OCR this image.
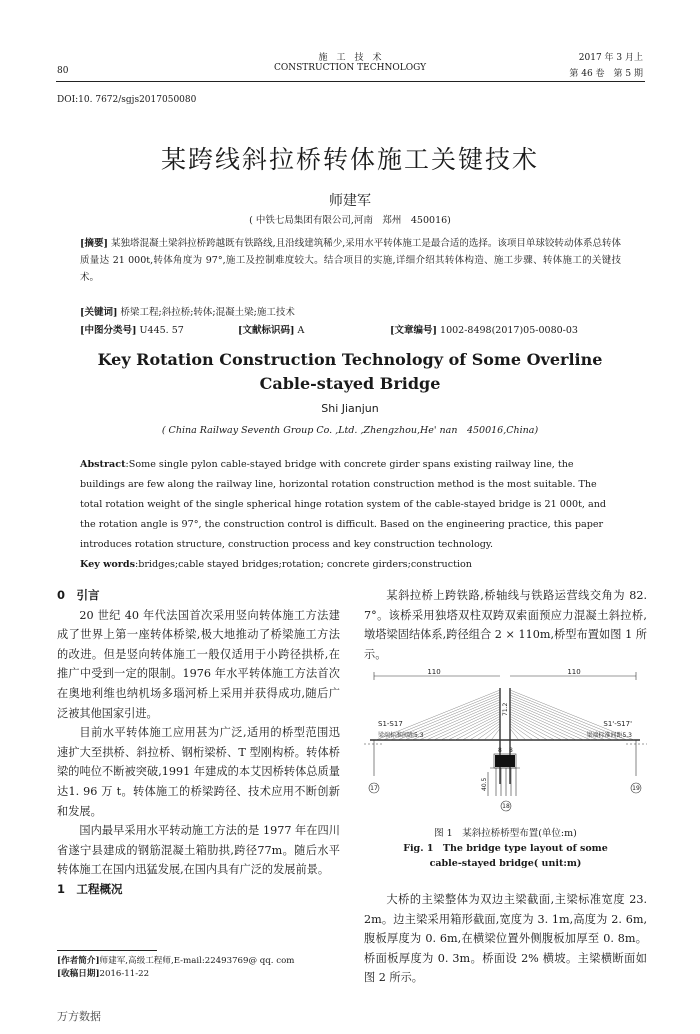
施　工　技　术
CONSTRUCTION TECHNOLOGY
80
2017 年 3 月上
第 46 卷　第 5 期
DOI:10. 7672/sgjs2017050080
某跨线斜拉桥转体施工关键技术
师建军
( 中铁七局集团有限公司,河南　郑州　450016)
[摘要] 某独塔混凝土梁斜拉桥跨越既有铁路线,且沿线建筑稀少,采用水平转体施工是最合适的选择。该项目单球铰转动体系总转体质量达 21 000t,转体角度为 97°,施工及控制难度较大。结合项目的实施,详细介绍其转体构造、施工步骤、转体施工的关键技术。
[关键词] 桥梁工程;斜拉桥;转体;混凝土梁;施工技术
[中图分类号] U445. 57	[文献标识码] A	[文章编号] 1002-8498(2017)05-0080-03
Key Rotation Construction Technology of Some Overline
Cable-stayed Bridge
Shi Jianjun
( China Railway Seventh Group Co. ,Ltd. ,Zhengzhou,He' nan　450016,China)
Abstract:Some single pylon cable-stayed bridge with concrete girder spans existing railway line, the
buildings are few along the railway line, horizontal rotation construction method is the most suitable. The
total rotation weight of the single spherical hinge rotation system of the cable-stayed bridge is 21 000t, and
the rotation angle is 97°, the construction control is difficult. Based on the engineering practice, this paper
introduces rotation structure, construction process and key construction technology.
Key words:bridges;cable stayed bridges;rotation; concrete girders;construction
0　引言

20 世纪 40 年代法国首次采用竖向转体施工方法建成了世界上第一座转体桥梁,极大地推动了桥梁施工方法的改进。但是竖向转体施工一般仅适用于小跨径拱桥,在推广中受到一定的限制。1976 年水平转体施工方法首次在奥地利维也纳机场多瑙河桥上采用并获得成功,随后广泛被其他国家引进。

目前水平转体施工应用甚为广泛,适用的桥型范围迅速扩大至拱桥、斜拉桥、钢桁梁桥、T 型刚构桥。转体桥梁的吨位不断被突破,1991 年建成的本艾因桥转体总质量达1. 96 万 t。转体施工的桥梁跨径、技术应用不断创新和发展。

国内最早采用水平转动施工方法的是 1977 年在四川省遂宁县建成的钢筋混凝土箱肋拱,跨径77m。随后水平转体施工在国内迅猛发展,在国内具有广泛的发展前景。

1　工程概况
[作者简介]师建军,高级工程师,E-mail:22493769@ qq. com
[收稿日期]2016-11-22

某斜拉桥上跨铁路,桥轴线与铁路运营线交角为 82. 7°。该桥采用独塔双柱双跨双索面预应力混凝土斜拉桥,墩塔梁固结体系,跨径组合 2 × 110m,桥型布置如图 1 所示。

110	110
S1-S17	S1'-S17'
梁端标准间距5.3	梁端标准间距5.3
71.2
40.5
8 8
17
18
19
图 1　某斜拉桥桥型布置(单位:m)
Fig. 1　The bridge type layout of some
cable-stayed bridge( unit:m)

大桥的主梁整体为双边主梁截面,主梁标准宽度 23. 2m。边主梁采用箱形截面,宽度为 3. 1m,高度为 2. 6m,腹板厚度为 0. 6m,在横梁位置外侧腹板加厚至 0. 8m。桥面板厚度为 0. 3m。桥面设 2% 横坡。主梁横断面如图 2 所示。

万方数据
